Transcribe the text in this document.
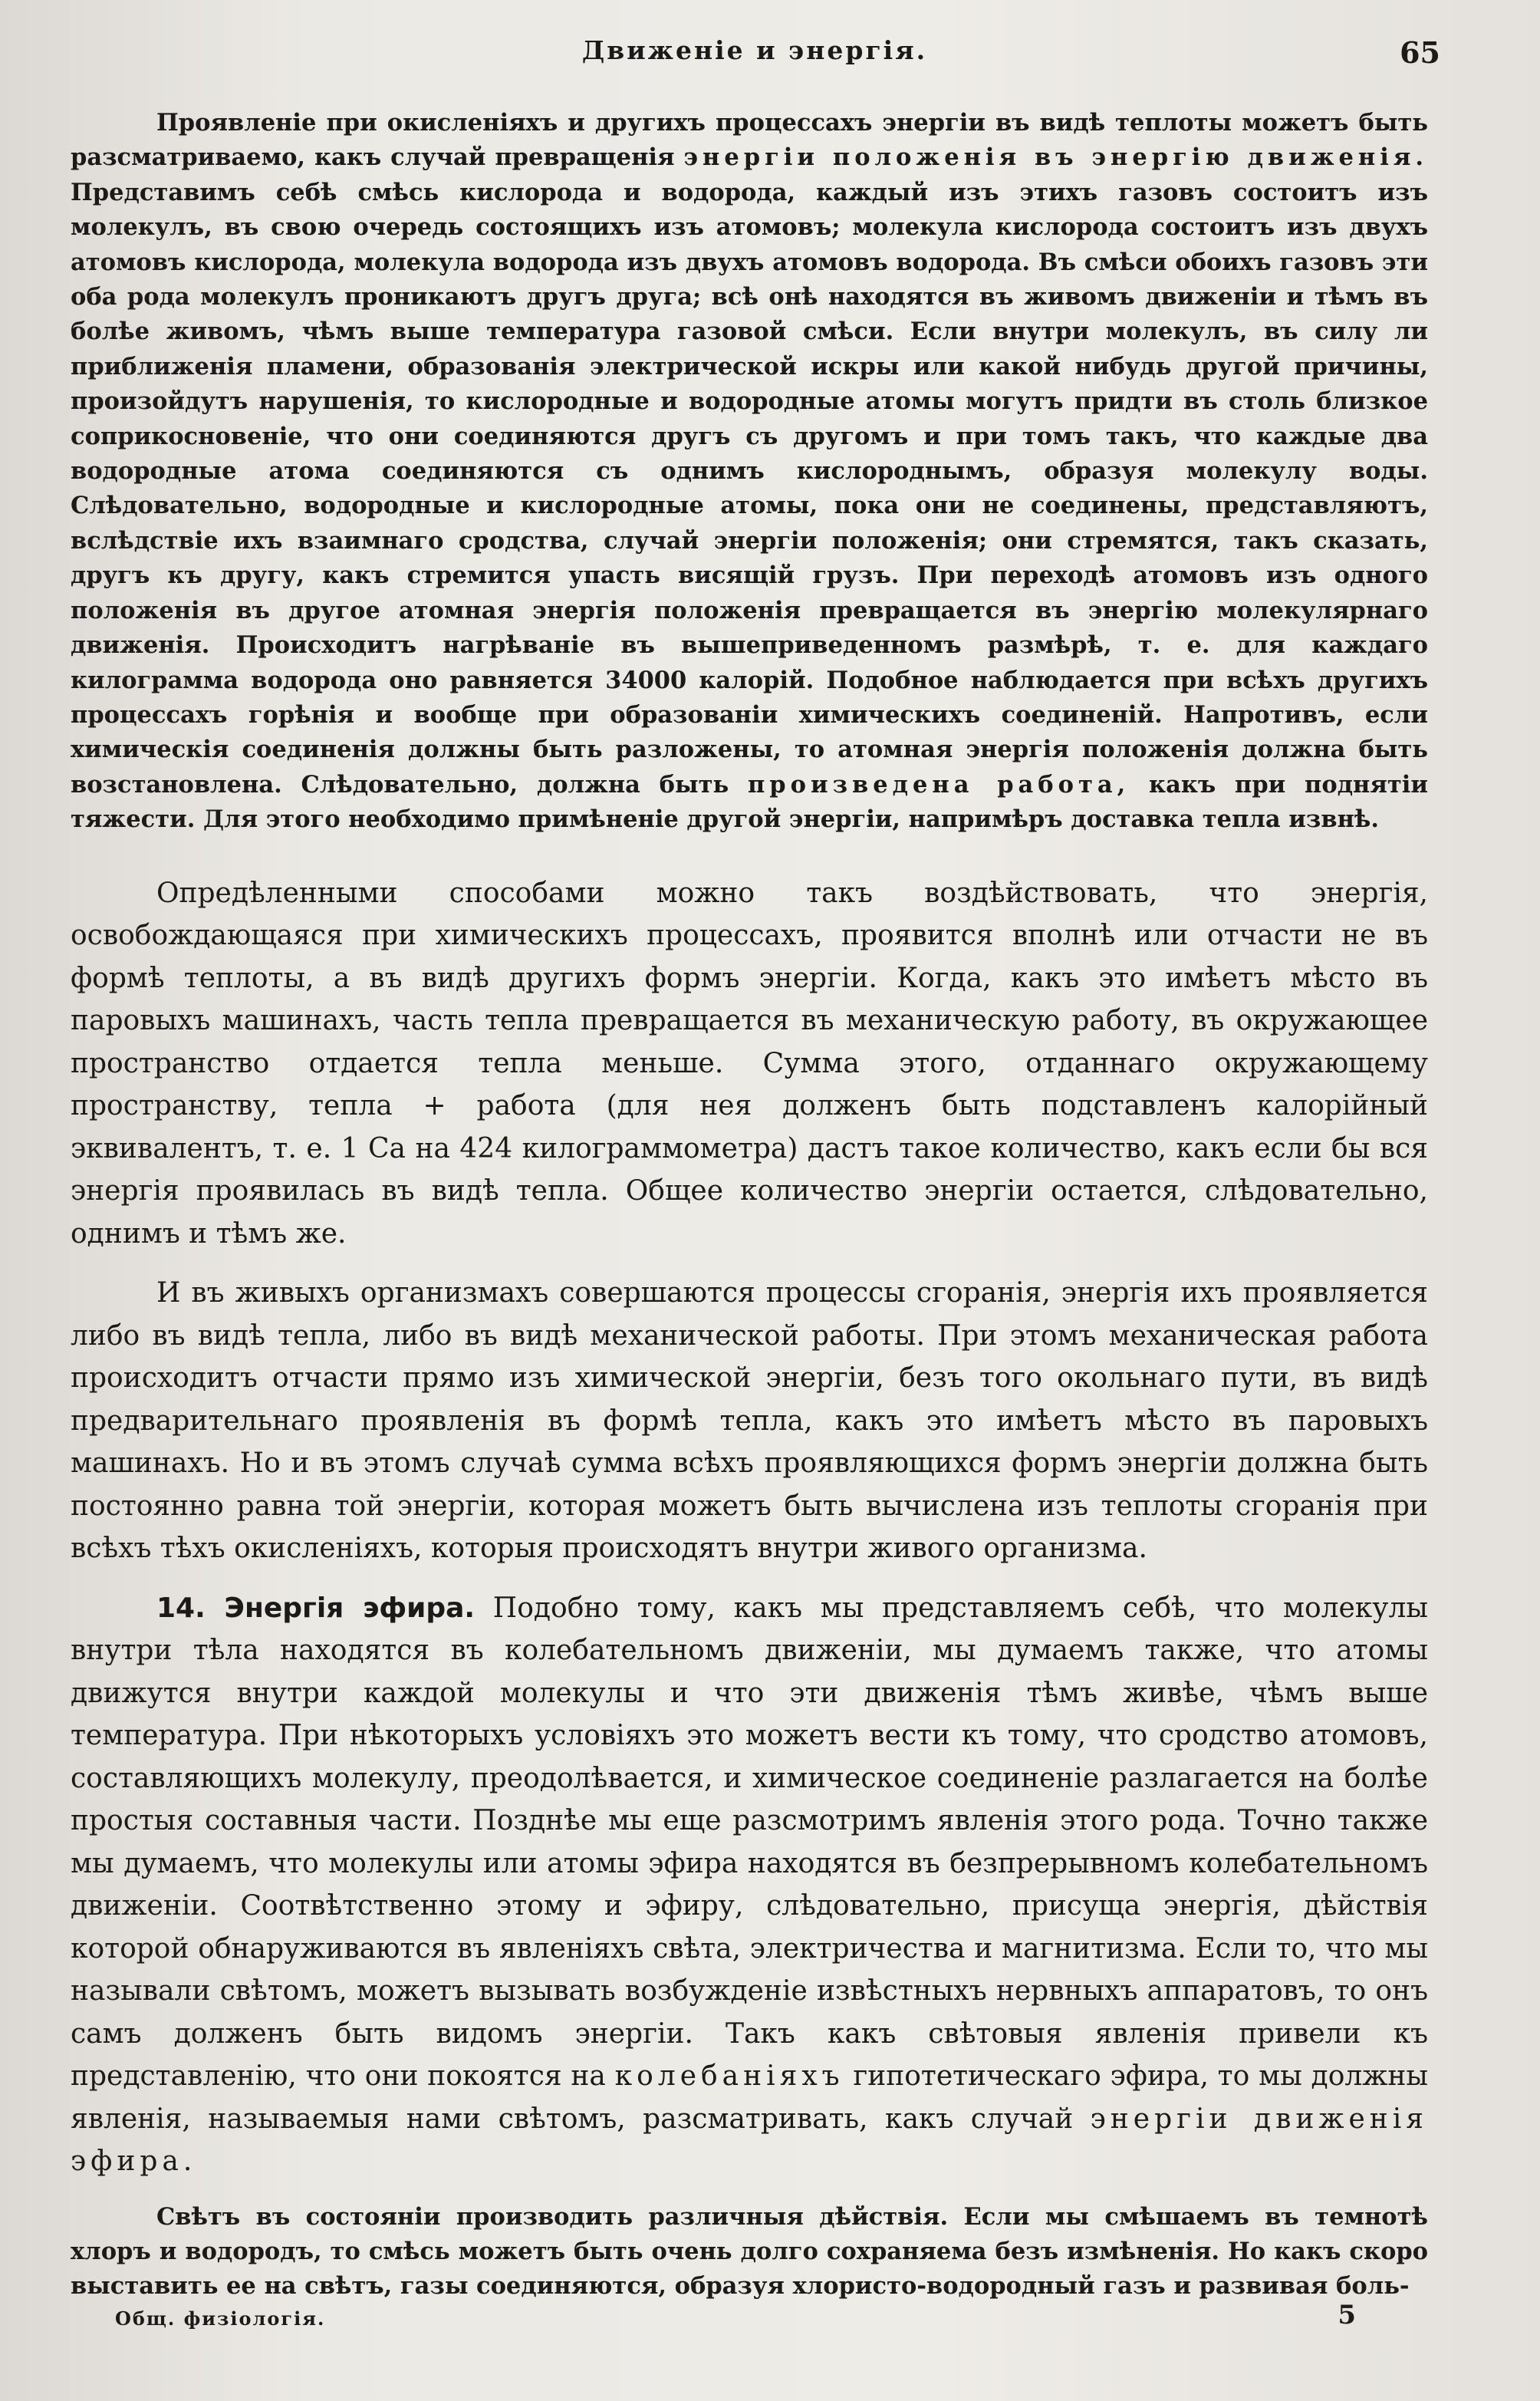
Движенiе и энергiя.	65

Проявленiе при окисленiяхъ и другихъ процессахъ энергiи въ видѣ теплоты можетъ быть разсматриваемо, какъ случай превращенiя энергiи положенiя въ энергiю движенiя. Представимъ себѣ смѣсь кислорода и водорода, каждый изъ этихъ газовъ состоитъ изъ молекулъ, въ свою очередь состоящихъ изъ атомовъ; молекула кислорода состоитъ изъ двухъ атомовъ кислорода, молекула водорода изъ двухъ атомовъ водорода. Въ смѣси обоихъ газовъ эти оба рода молекулъ проникаютъ другъ друга; всѣ онѣ находятся въ живомъ движенiи и тѣмъ въ болѣе живомъ, чѣмъ выше температура газовой смѣси. Если внутри молекулъ, въ силу ли приближенiя пламени, образованiя электрической искры или какой нибудь другой причины, произойдутъ нарушенiя, то кислородные и водородные атомы могутъ придти въ столь близкое соприкосновенiе, что они соединяются другъ съ другомъ и при томъ такъ, что каждые два водородные атома соединяются съ однимъ кислороднымъ, образуя молекулу воды. Слѣдовательно, водородные и кислородные атомы, пока они не соединены, представляютъ, вслѣдствiе ихъ взаимнаго сродства, случай энергiи положенiя; они стремятся, такъ сказать, другъ къ другу, какъ стремится упасть висящiй грузъ. При переходѣ атомовъ изъ одного положенiя въ другое атомная энергiя положенiя превращается въ энергiю молекулярнаго движенiя. Происходитъ нагрѣванiе въ вышеприведенномъ размѣрѣ, т. е. для каждаго килограмма водорода оно равняется 34000 калорiй. Подобное наблюдается при всѣхъ другихъ процессахъ горѣнiя и вообще при образованiи химическихъ соединенiй. Напротивъ, если химическiя соединенiя должны быть разложены, то атомная энергiя положенiя должна быть возстановлена. Слѣдовательно, должна быть произведена работа, какъ при поднятiи тяжести. Для этого необходимо примѣненiе другой энергiи, напримѣръ доставка тепла извнѣ.

Опредѣленными способами можно такъ воздѣйствовать, что энергiя, освобождающаяся при химическихъ процессахъ, проявится вполнѣ или отчасти не въ формѣ теплоты, а въ видѣ другихъ формъ энергiи. Когда, какъ это имѣетъ мѣсто въ паровыхъ машинахъ, часть тепла превращается въ механическую работу, въ окружающее пространство отдается тепла меньше. Сумма этого, отданнаго окружающему пространству, тепла + работа (для нея долженъ быть подставленъ калорiйный эквивалентъ, т. е. 1 Ca на 424 килограммометра) дастъ такое количество, какъ если бы вся энергiя проявилась въ видѣ тепла. Общее количество энергiи остается, слѣдовательно, однимъ и тѣмъ же.

И въ живыхъ организмахъ совершаются процессы сгоранiя, энергiя ихъ проявляется либо въ видѣ тепла, либо въ видѣ механической работы. При этомъ механическая работа происходитъ отчасти прямо изъ химической энергiи, безъ того окольнаго пути, въ видѣ предварительнаго проявленiя въ формѣ тепла, какъ это имѣетъ мѣсто въ паровыхъ машинахъ. Но и въ этомъ случаѣ сумма всѣхъ проявляющихся формъ энергiи должна быть постоянно равна той энергiи, которая можетъ быть вычислена изъ теплоты сгоранiя при всѣхъ тѣхъ окисленiяхъ, которыя происходятъ внутри живого организма.

14. Энергiя эфира. Подобно тому, какъ мы представляемъ себѣ, что молекулы внутри тѣла находятся въ колебательномъ движенiи, мы думаемъ также, что атомы движутся внутри каждой молекулы и что эти движенiя тѣмъ живѣе, чѣмъ выше температура. При нѣкоторыхъ условiяхъ это можетъ вести къ тому, что сродство атомовъ, составляющихъ молекулу, преодолѣвается, и химическое соединенiе разлагается на болѣе простыя составныя части. Позднѣе мы еще разсмотримъ явленiя этого рода. Точно также мы думаемъ, что молекулы или атомы эфира находятся въ безпрерывномъ колебательномъ движенiи. Соотвѣтственно этому и эфиру, слѣдовательно, присуща энергiя, дѣйствiя которой обнаруживаются въ явленiяхъ свѣта, электричества и магнитизма. Если то, что мы называли свѣтомъ, можетъ вызывать возбужденiе извѣстныхъ нервныхъ аппаратовъ, то онъ самъ долженъ быть видомъ энергiи. Такъ какъ свѣтовыя явленiя привели къ представленiю, что они покоятся на колебанiяхъ гипотетическаго эфира, то мы должны явленiя, называемыя нами свѣтомъ, разсматривать, какъ случай энергiи движенiя эфира.

Свѣтъ въ состоянiи производить различныя дѣйствiя. Если мы смѣшаемъ въ темнотѣ хлоръ и водородъ, то смѣсь можетъ быть очень долго сохраняема безъ измѣненiя. Но какъ скоро выставить ее на свѣтъ, газы соединяются, образуя хлористо-водородный газъ и развивая боль-

Общ. физiологiя.	5
